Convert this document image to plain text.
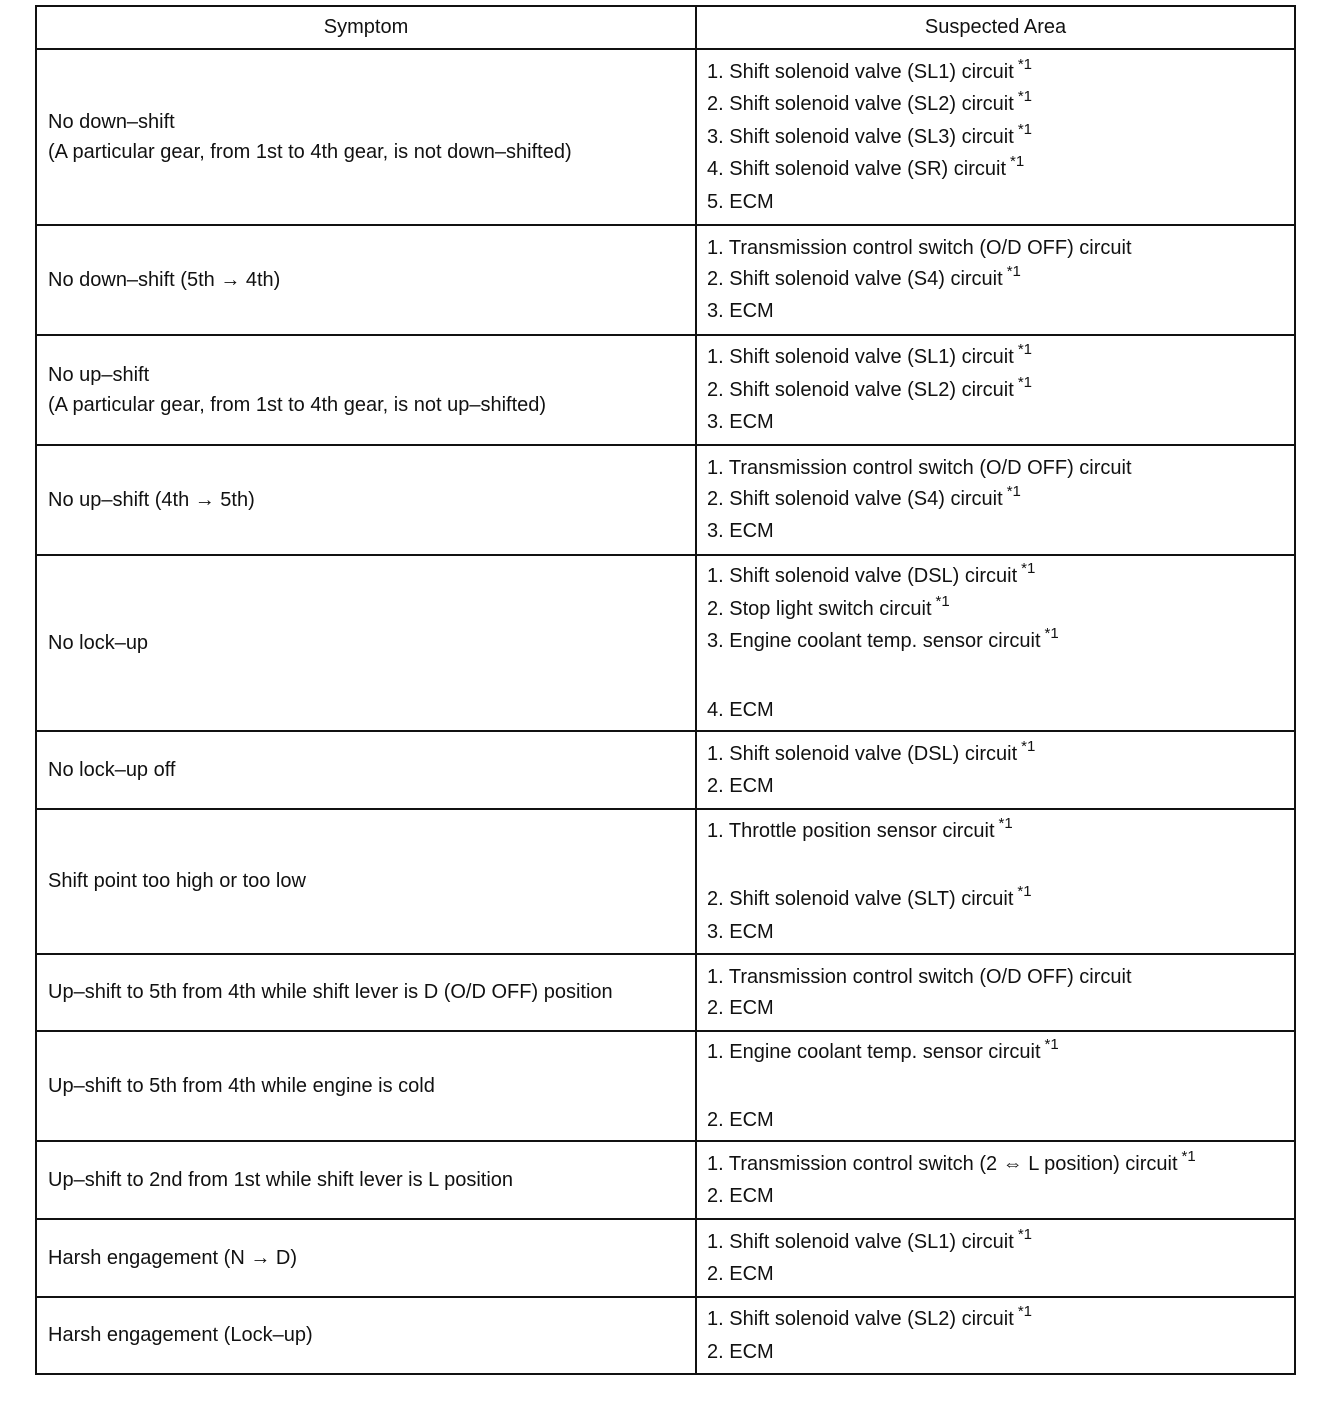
Symptom	Suspected Area

No down–shift
(A particular gear, from 1st to 4th gear, is not down–shifted)	1. Shift solenoid valve (SL1) circuit $^{*1}$
2. Shift solenoid valve (SL2) circuit $^{*1}$
3. Shift solenoid valve (SL3) circuit $^{*1}$
4. Shift solenoid valve (SR) circuit $^{*1}$
5. ECM

No down–shift (5th → 4th)	1. Transmission control switch (O/D OFF) circuit
2. Shift solenoid valve (S4) circuit $^{*1}$
3. ECM

No up–shift
(A particular gear, from 1st to 4th gear, is not up–shifted)	1. Shift solenoid valve (SL1) circuit $^{*1}$
2. Shift solenoid valve (SL2) circuit $^{*1}$
3. ECM

No up–shift (4th → 5th)	1. Transmission control switch (O/D OFF) circuit
2. Shift solenoid valve (S4) circuit $^{*1}$
3. ECM

No lock–up	1. Shift solenoid valve (DSL) circuit $^{*1}$
2. Stop light switch circuit $^{*1}$
3. Engine coolant temp. sensor circuit $^{*1}$
4. ECM

No lock–up off	1. Shift solenoid valve (DSL) circuit $^{*1}$
2. ECM

Shift point too high or too low	1. Throttle position sensor circuit $^{*1}$
2. Shift solenoid valve (SLT) circuit $^{*1}$
3. ECM

Up–shift to 5th from 4th while shift lever is D (O/D OFF) position	1. Transmission control switch (O/D OFF) circuit
2. ECM

Up–shift to 5th from 4th while engine is cold	1. Engine coolant temp. sensor circuit $^{*1}$
2. ECM

Up–shift to 2nd from 1st while shift lever is L position	1. Transmission control switch (2 ⇔ L position) circuit $^{*1}$
2. ECM

Harsh engagement (N → D)	1. Shift solenoid valve (SL1) circuit $^{*1}$
2. ECM

Harsh engagement (Lock–up)	1. Shift solenoid valve (SL2) circuit $^{*1}$
2. ECM
